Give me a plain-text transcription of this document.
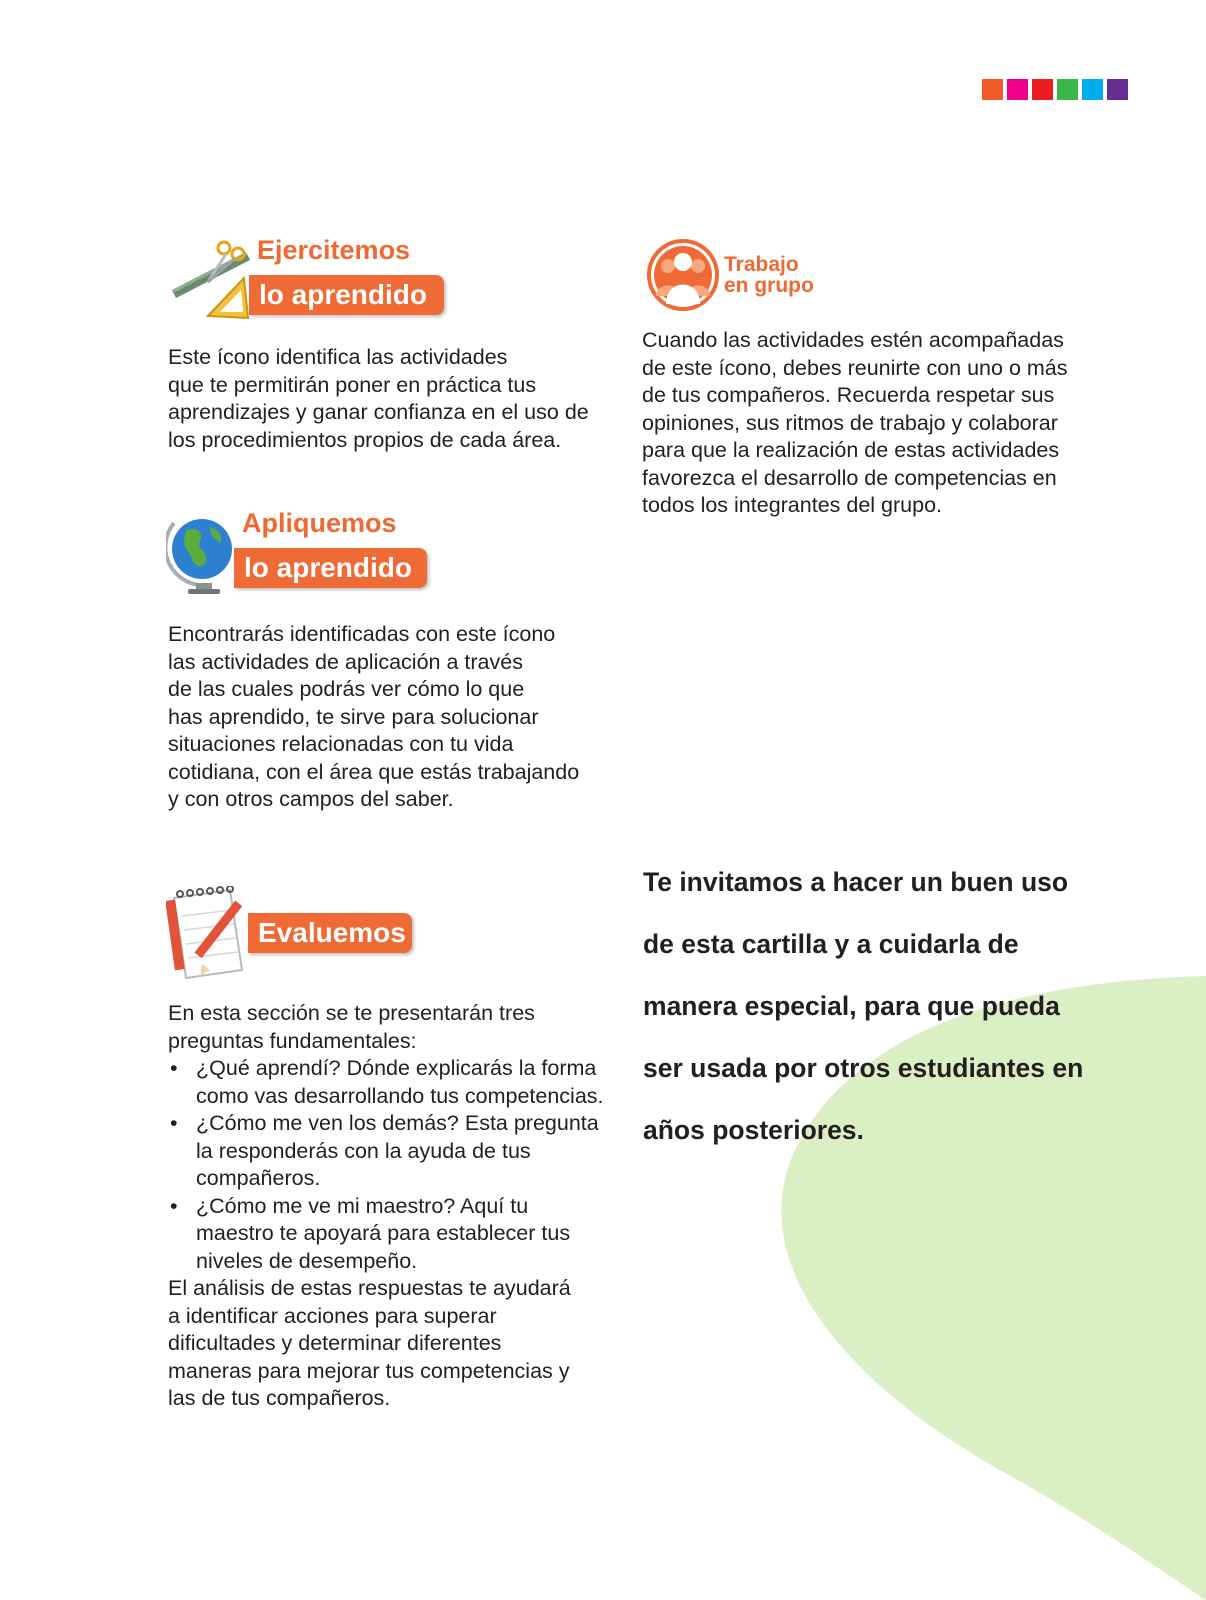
Ejercitemos
lo aprendido

Este ícono identifica las actividades

que te permitirán poner en práctica tus

aprendizajes y ganar confianza en el uso de

los procedimientos propios de cada área.

Apliquemos
lo aprendido

Encontrarás identificadas con este ícono

las actividades de aplicación a través

de las cuales podrás ver cómo lo que

has aprendido, te sirve para solucionar

situaciones relacionadas con tu vida

cotidiana, con el área que estás trabajando

y con otros campos del saber.

Evaluemos

En esta sección se te presentarán tres

preguntas fundamentales:

• ¿Qué aprendí? Dónde explicarás la forma
como vas desarrollando tus competencias.
• ¿Cómo me ven los demás? Esta pregunta
la responderás con la ayuda de tus
compañeros.
• ¿Cómo me ve mi maestro? Aquí tu
maestro te apoyará para establecer tus
niveles de desempeño.

El análisis de estas respuestas te ayudará

a identificar acciones para superar

dificultades y determinar diferentes

maneras para mejorar tus competencias y

las de tus compañeros.

Trabajo
en grupo

Cuando las actividades estén acompañadas

de este ícono, debes reunirte con uno o más

de tus compañeros. Recuerda respetar sus

opiniones, sus ritmos de trabajo y colaborar

para que la realización de estas actividades

favorezca el desarrollo de competencias en

todos los integrantes del grupo.

Te invitamos a hacer un buen uso

de esta cartilla y a cuidarla de

manera especial, para que pueda

ser usada por otros estudiantes en

años posteriores.
